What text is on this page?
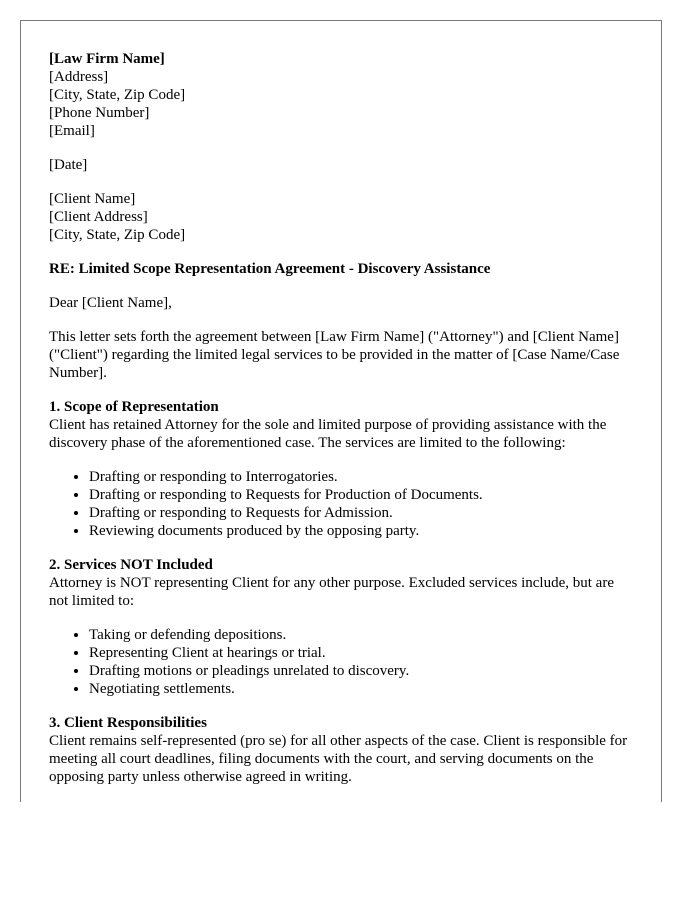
[Law Firm Name]
[Address]
[City, State, Zip Code]
[Phone Number]
[Email]
[Date]
[Client Name]
[Client Address]
[City, State, Zip Code]
RE: Limited Scope Representation Agreement - Discovery Assistance
Dear [Client Name],

This letter sets forth the agreement between [Law Firm Name] ("Attorney") and [Client Name] ("Client") regarding the limited legal services to be provided in the matter of [Case Name/Case Number].

1. Scope of Representation

Client has retained Attorney for the sole and limited purpose of providing assistance with the discovery phase of the aforementioned case. The services are limited to the following:

• Drafting or responding to Interrogatories.
• Drafting or responding to Requests for Production of Documents.
• Drafting or responding to Requests for Admission.
• Reviewing documents produced by the opposing party.
2. Services NOT Included

Attorney is NOT representing Client for any other purpose. Excluded services include, but are not limited to:

• Taking or defending depositions.
• Representing Client at hearings or trial.
• Drafting motions or pleadings unrelated to discovery.
• Negotiating settlements.
3. Client Responsibilities

Client remains self-represented (pro se) for all other aspects of the case. Client is responsible for meeting all court deadlines, filing documents with the court, and serving documents on the opposing party unless otherwise agreed in writing.
